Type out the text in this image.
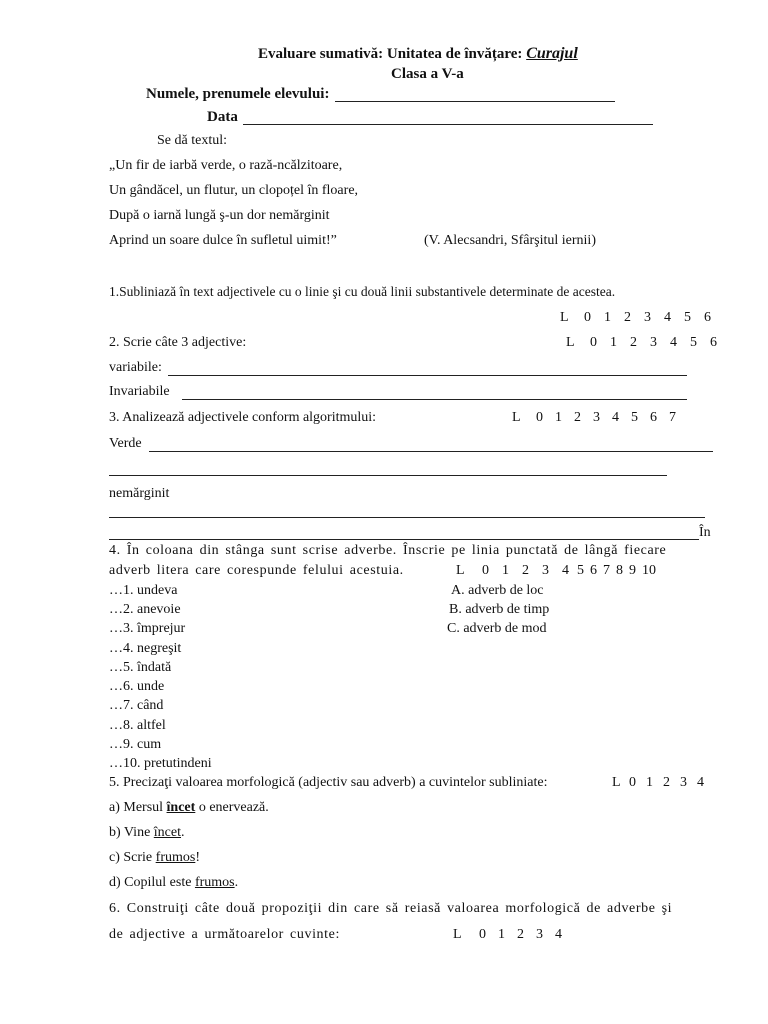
Evaluare sumativă: Unitatea de învățare: Curajul
Clasa a V-a
Numele, prenumele elevului:
Data
Se dă textul:
„Un fir de iarbă verde, o rază-ncălzitoare,
Un gândăcel, un flutur, un clopoțel în floare,
După o iarnă lungă ş-un dor nemărginit
Aprind un soare dulce în sufletul uimit!”	(V. Alecsandri, Sfârşitul iernii)
1.Subliniază în text adjectivele cu o linie şi cu două linii substantivele determinate de acestea.
L	0 1 2 3 4 5 6
2. Scrie câte 3 adjective:	L	0 1 2 3 4 5 6
variabile:
Invariabile
3. Analizează adjectivele conform algoritmului:	L	0 1 2 3 4 5 6 7
Verde
nemărginit
În
4. În coloana din stânga sunt scrise adverbe. Înscrie pe linia punctată de lângă fiecare
adverb litera care corespunde felului acestuia.	L	0 1 2 3 4 5 6 7 8 9 10
…1. undeva
…2. anevoie
…3. împrejur
…4. negreşit
…5. îndată
…6. unde
…7. când
…8. altfel
…9. cum
…10. pretutindeni
A. adverb de loc
B. adverb de timp
C. adverb de mod
5. Precizaţi valoarea morfologică (adjectiv sau adverb) a cuvintelor subliniate:	L 0 1 2 3 4
a) Mersul încet o enervează.
b) Vine încet.
c) Scrie frumos!
d) Copilul este frumos.
6. Construiţi câte două propoziţii din care să reiasă valoarea morfologică de adverbe şi
de adjective a următoarelor cuvinte:	L	0 1 2 3 4
